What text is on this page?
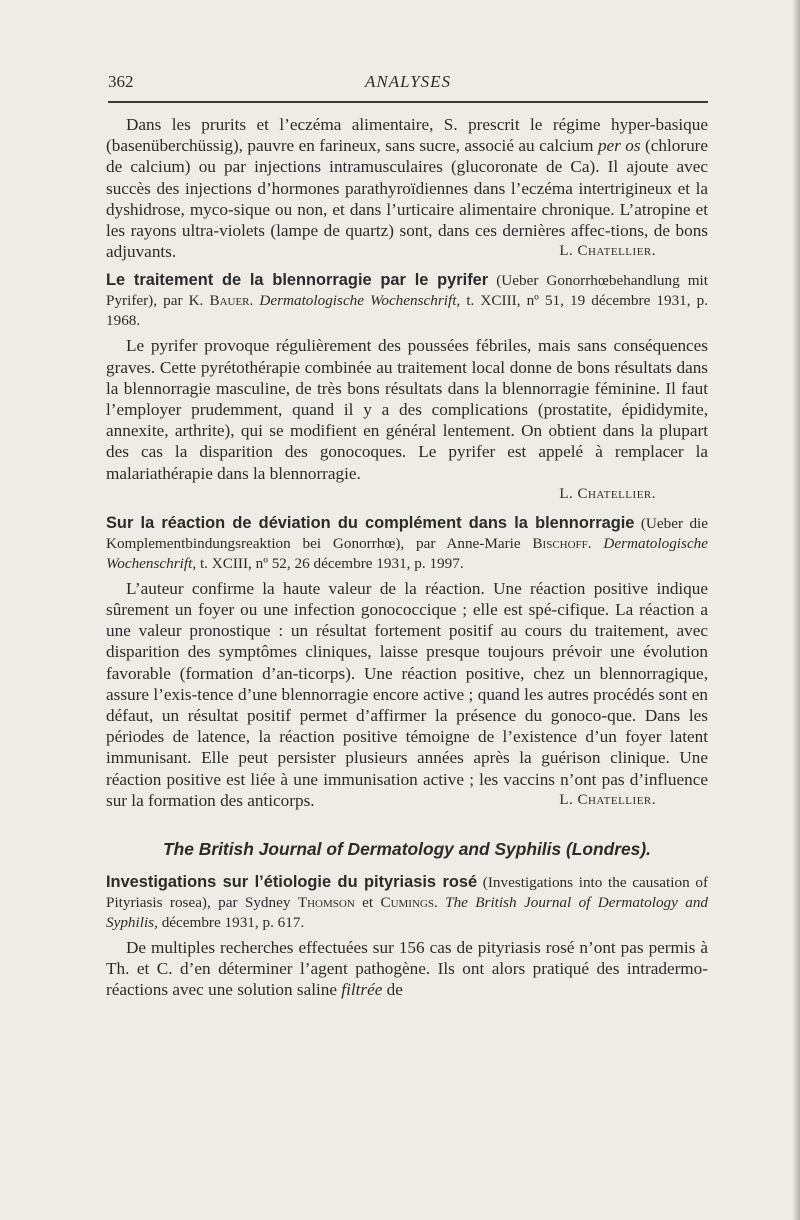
362	ANALYSES

Dans les prurits et l’eczéma alimentaire, S. prescrit le régime hyper-basique (basenüberchüssig), pauvre en farineux, sans sucre, associé au calcium per os (chlorure de calcium) ou par injections intramusculaires (glucoronate de Ca). Il ajoute avec succès des injections d’hormones parathyroïdiennes dans l’eczéma intertrigineux et la dyshidrose, myco-sique ou non, et dans l’urticaire alimentaire chronique. L’atropine et les rayons ultra-violets (lampe de quartz) sont, dans ces dernières affec-tions, de bons adjuvants.	L. Chatellier.

Le traitement de la blennorragie par le pyrifer (Ueber Gonorrhœbehandlung mit Pyrifer), par K. Bauer. Dermatologische Wochenschrift, t. XCIII, nº 51, 19 décembre 1931, p. 1968.

Le pyrifer provoque régulièrement des poussées fébriles, mais sans conséquences graves. Cette pyrétothérapie combinée au traitement local donne de bons résultats dans la blennorragie masculine, de très bons résultats dans la blennorragie féminine. Il faut l’employer prudemment, quand il y a des complications (prostatite, épididymite, annexite, arthrite), qui se modifient en général lentement. On obtient dans la plupart des cas la disparition des gonocoques. Le pyrifer est appelé à remplacer la malariathérapie dans la blennorragie.

L. Chatellier.

Sur la réaction de déviation du complément dans la blennorragie (Ueber die Komplementbindungsreaktion bei Gonorrhœ), par Anne-Marie Bischoff. Dermatologische Wochenschrift, t. XCIII, nº 52, 26 décembre 1931, p. 1997.

L’auteur confirme la haute valeur de la réaction. Une réaction positive indique sûrement un foyer ou une infection gonococcique ; elle est spé-cifique. La réaction a une valeur pronostique : un résultat fortement positif au cours du traitement, avec disparition des symptômes cliniques, laisse presque toujours prévoir une évolution favorable (formation d’an-ticorps). Une réaction positive, chez un blennorragique, assure l’exis-tence d’une blennorragie encore active ; quand les autres procédés sont en défaut, un résultat positif permet d’affirmer la présence du gonoco-que. Dans les périodes de latence, la réaction positive témoigne de l’existence d’un foyer latent immunisant. Elle peut persister plusieurs années après la guérison clinique. Une réaction positive est liée à une immunisation active ; les vaccins n’ont pas d’influence sur la formation des anticorps.	L. Chatellier.

The British Journal of Dermatology and Syphilis (Londres).

Investigations sur l’étiologie du pityriasis rosé (Investigations into the causation of Pityriasis rosea), par Sydney Thomson et Cumings. The British Journal of Dermatology and Syphilis, décembre 1931, p. 617.

De multiples recherches effectuées sur 156 cas de pityriasis rosé n’ont pas permis à Th. et C. d’en déterminer l’agent pathogène. Ils ont alors pratiqué des intradermo-réactions avec une solution saline filtrée de
